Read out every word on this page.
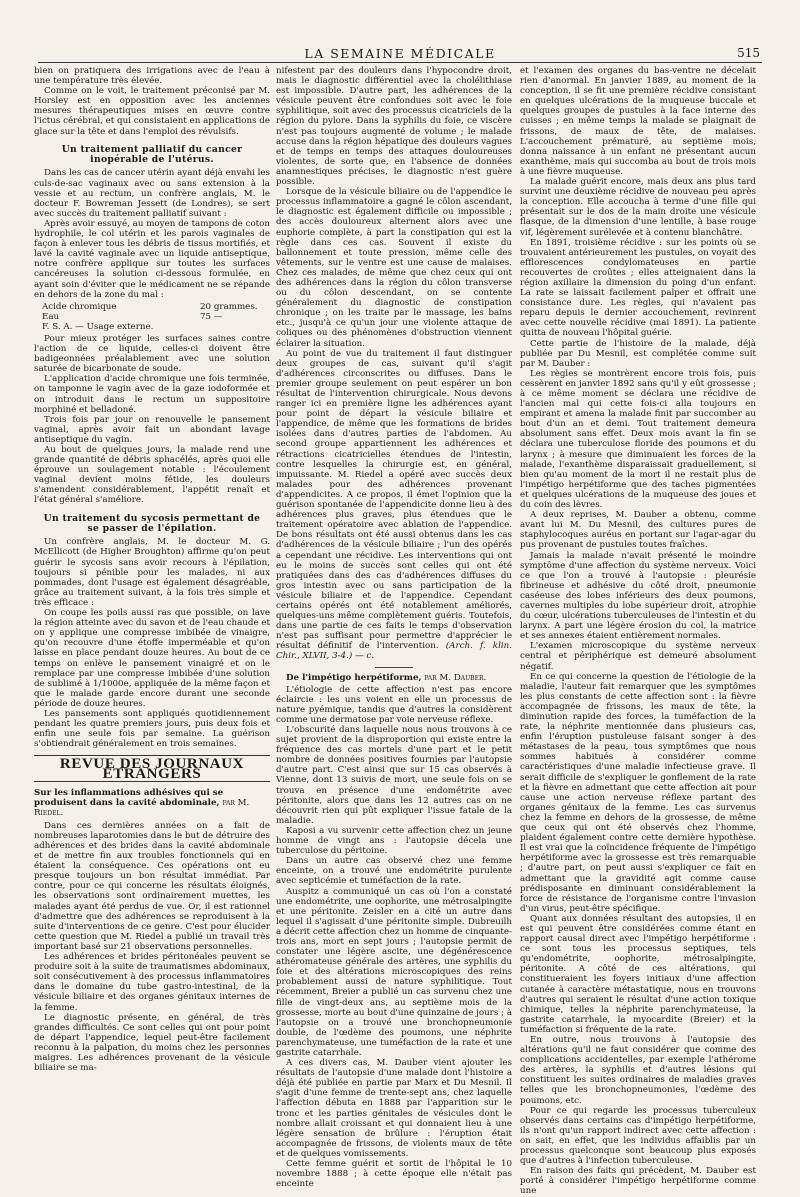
LA SEMAINE MÉDICALE	515

bien on pratiquera des irrigations avec de l'eau à une température très élevée.

Comme on le voit, le traitement préconisé par M. Horsley est en opposition avec les anciennes mesures thérapeutiques mises en œuvre contre l'ictus cérébral, et qui consistaient en applications de glace sur la tête et dans l'emploi des révulsifs.

Un traitement palliatif du cancer inopérable de l'utérus.

Dans les cas de cancer utérin ayant déjà envahi les culs-de-sac vaginaux avec ou sans extension à la vessie et au rectum, un confrère anglais, M. le docteur F. Bowreman Jessett (de Londres), se sert avec succès du traitement palliatif suivant :

Après avoir essuyé, au moyen de tampons de coton hydrophile, le col utérin et les parois vaginales de façon à enlever tous les débris de tissus mortifiés, et lavé la cavité vaginale avec un liquide antiseptique, notre confrère applique sur toutes les surfaces cancéreuses la solution ci-dessous formulée, en ayant soin d'éviter que le médicament ne se répande en dehors de la zone du mal :

Acide chromique	20 grammes.
Eau	75 —
F. S. A. — Usage externe.

Pour mieux protéger les surfaces saines contre l'action de ce liquide, celles-ci doivent être badigeonnées préalablement avec une solution saturée de bicarbonate de soude.

L'application d'acide chromique une fois terminée, on tamponne le vagin avec de la gaze iodoformée et on introduit dans le rectum un suppositoire morphiné et belladoné.

Trois fois par jour on renouvelle le pansement vaginal, après avoir fait un abondant lavage antiseptique du vagin.

Au bout de quelques jours, la malade rend une grande quantité de débris sphacélés, après quoi elle éprouve un soulagement notable : l'écoulement vaginal devient moins fétide, les douleurs s'amendent considérablement, l'appétit renaît et l'état général s'améliore.

Un traitement du sycosis permettant de se passer de l'épilation.

Un confrère anglais, M. le docteur M. G. McEllicott (de Higher Broughton) affirme qu'on peut guérir le sycosis sans avoir recours à l'épilation, toujours si pénible pour les malades, ni aux pommades, dont l'usage est également désagréable, grâce au traitement suivant, à la fois très simple et très efficace :

On coupe les poils aussi ras que possible, on lave la région atteinte avec du savon et de l'eau chaude et on y applique une compresse imbibée de vinaigre, qu'on recouvre d'une étoffe imperméable et qu'on laisse en place pendant douze heures. Au bout de ce temps on enlève le pansement vinaigré et on le remplace par une compresse imbibée d'une solution de sublimé à 1/1000e, appliquée de la même façon et que le malade garde encore durant une seconde période de douze heures.

Les pansements sont appliqués quotidiennement pendant les quatre premiers jours, puis deux fois et enfin une seule fois par semaine. La guérison s'obtiendrait généralement en trois semaines.

REVUE DES JOURNAUX ÉTRANGERS
Sur les inflammations adhésives qui se produisent dans la cavité abdominale, par M. Riedel.

Dans ces dernières années on a fait de nombreuses laparotomies dans le but de détruire des adhérences et des brides dans la cavité abdominale et de mettre fin aux troubles fonctionnels qui en étaient la conséquence. Ces opérations ont eu presque toujours un bon résultat immédiat. Par contre, pour ce qui concerne les résultats éloignés, les observations sont ordinairement muettes, les malades ayant été perdus de vue. Or, il est rationnel d'admettre que des adhérences se reproduisent à la suite d'interventions de ce genre. C'est pour élucider cette question que M. Riedel a publié un travail très important basé sur 21 observations personnelles.

Les adhérences et brides péritonéales peuvent se produire soit à la suite de traumatismes abdominaux, soit consécutivement à des processus inflammatoires dans le domaine du tube gastro-intestinal, de la vésicule biliaire et des organes génitaux internes de la femme.

Le diagnostic présente, en général, de très grandes difficultés. Ce sont celles qui ont pour point de départ l'appendice, lequel peut-être facilement reconnu à la palpation, du moins chez les personnes maigres. Les adhérences provenant de la vésicule biliaire se ma-

nifestent par des douleurs dans l'hypocondre droit, mais le diagnostic différentiel avec la cholélithiase est impossible. D'autre part, les adhérences de la vésicule peuvent être confondues soit avec le foie syphilitique, soit avec des processus cicatriciels de la région du pylore. Dans la syphilis du foie, ce viscère n'est pas toujours augmenté de volume ; le malade accuse dans la région hépatique des douleurs vagues et de temps en temps des attaques douloureuses violentes, de sorte que, en l'absence de données anamnestiques précises, le diagnostic n'est guère possible.

Lorsque de la vésicule biliaire ou de l'appendice le processus inflammatoire a gagné le côlon ascendant, le diagnostic est également difficile ou impossible ; des accès douloureux alternent alors avec une euphorie complète, à part la constipation qui est la règle dans ces cas. Souvent il existe du ballonnement et toute pression, même celle des vêtements, sur le ventre est une cause de malaises. Chez ces malades, de même que chez ceux qui ont des adhérences dans la région du côlon transverse ou du côlon descendant, on se contente généralement du diagnostic de constipation chronique ; on les traite par le massage, les bains etc., jusqu'à ce qu'un jour une violente attaque de coliques ou des phénomènes d'obstruction viennent éclairer la situation.

Au point de vue du traitement il faut distinguer deux groupes de cas, suivant qu'il s'agit d'adhérences circonscrites ou diffuses. Dans le premier groupe seulement on peut espérer un bon résultat de l'intervention chirurgicale. Nous devons ranger ici en première ligne les adhérences ayant pour point de départ la vésicule biliaire et l'appendice, de même que les formations de brides isolées dans d'autres parties de l'abdomen. Au second groupe appartiennent les adhérences et rétractions cicatricielles étendues de l'intestin, contre lesquelles la chirurgie est, en général, impuissante. M. Riedel a opéré avec succès deux malades pour des adhérences provenant d'appendicites. A ce propos, il émet l'opinion que la guérison spontanée de l'appendicite donne lieu à des adhérences plus graves, plus étendues que le traitement opératoire avec ablation de l'appendice. De bons résultats ont été aussi obtenus dans les cas d'adhérences de la vésicule biliaire ; l'un des opérés a cependant une récidive. Les interventions qui ont eu le moins de succès sont celles qui ont été pratiquées dans des cas d'adhérences diffuses du gros intestin avec ou sans participation de la vésicule biliaire et de l'appendice. Cependant certains opérés ont été notablement améliorés, quelques-uns même complètement guéris. Toutefois, dans une partie de ces faits le temps d'observation n'est pas suffisant pour permettre d'apprécier le résultat définitif de l'intervention. (Arch. f. klin. Chir., XLVII, 3-4.) — c.

De l'impétigo herpétiforme, par M. Dauber.

L'étiologie de cette affection n'est pas encore éclaircie : les uns voient en elle un processus de nature pyémique, tandis que d'autres la considèrent comme une dermatose par voie nerveuse réflexe.

L'obscurité dans laquelle nous nous trouvons à ce sujet provient de la disproportion qui existe entre la fréquence des cas mortels d'une part et le petit nombre de données positives fournies par l'autopsie d'autre part. C'est ainsi que sur 15 cas observés à Vienne, dont 13 suivis de mort, une seule fois on se trouva en présence d'une endométrite avec péritonite, alors que dans les 12 autres cas on ne découvrit rien qui pût expliquer l'issue fatale de la maladie.

Kaposi a vu survenir cette affection chez un jeune homme de vingt ans : l'autopsie décela une tuberculose du péritoine.

Dans un autre cas observé chez une femme enceinte, on a trouvé une endométrite purulente avec septicémie et tuméfaction de la rate.

Auspitz a communiqué un cas où l'on a constaté une endométrite, une oophorite, une métrosalpingite et une péritonite. Zeisler en a cité un autre dans lequel il s'agissait d'une péritonite simple. Dubreuilh a décrit cette affection chez un homme de cinquante-trois ans, mort en sept jours ; l'autopsie permit de constater une légère ascite, une dégénérescence athéromateuse générale des artères, une syphilis du foie et des altérations microscopiques des reins probablement aussi de nature syphilitique. Tout récemment, Breier a publié un cas survenu chez une fille de vingt-deux ans, au septième mois de la grossesse, morte au bout d'une quinzaine de jours ; à l'autopsie on a trouvé une bronchopneumonie double, de l'œdème des poumons, une néphrite parenchymateuse, une tuméfaction de la rate et une gastrite catarrhale.

A ces divers cas, M. Dauber vient ajouter les résultats de l'autopsie d'une malade dont l'histoire a déjà été publiée en partie par Marx et Du Mesnil. Il s'agit d'une femme de trente-sept ans, chez laquelle l'affection débuta en 1888 par l'apparition sur le tronc et les parties génitales de vésicules dont le nombre allait croissant et qui donnaient lieu à une légère sensation de brûlure : l'éruption était accompagnée de frissons, de violents maux de tête et de quelques vomissements.

Cette femme guérit et sortit de l'hôpital le 10 novembre 1888 ; à cette époque elle n'était pas enceinte

et l'examen des organes du bas-ventre ne décelait rien d'anormal. En janvier 1889, au moment de la conception, il se fit une première récidive consistant en quelques ulcérations de la muqueuse buccale et quelques groupes de pustules à la face interne des cuisses ; en même temps la malade se plaignait de frissons, de maux de tête, de malaises. L'accouchement prématuré, au septième mois, donna naissance à un enfant ne présentant aucun exanthème, mais qui succomba au bout de trois mois à une fièvre muqueuse.

La malade guérit encore, mais deux ans plus tard survint une deuxième récidive de nouveau peu après la conception. Elle accoucha à terme d'une fille qui présentait sur le dos de la main droite une vésicule flasque, de la dimension d'une lentille, à base rouge vif, légèrement surélevée et à contenu blanchâtre.

En 1891, troisième récidive : sur les points où se trouvaient antérieurement les pustules, on voyait des efflorescences condylomateuses en partie recouvertes de croûtes ; elles atteignaient dans la région axillaire la dimension du poing d'un enfant. La rate se laissait facilement palper et offrait une consistance dure. Les règles, qui n'avaient pas reparu depuis le dernier accouchement, revinrent avec cette nouvelle récidive (mai 1891). La patiente quitta de nouveau l'hôpital guérie.

Cette partie de l'histoire de la malade, déjà publiée par Du Mesnil, est complétée comme suit par M. Dauber :

Les règles se montrèrent encore trois fois, puis cessèrent en janvier 1892 sans qu'il y eût grossesse ; à ce même moment se déclara une récidive de l'ancien mal qui cette fois-ci alla toujours en empirant et amena la malade finit par succomber au bout d'un an et demi. Tout traitement demeura absolument sans effet. Deux mois avant la fin se déclara une tuberculose floride des poumons et du larynx ; à mesure que diminuaient les forces de la malade, l'exanthème disparaissait graduellement, si bien qu'au moment de la mort il ne restait plus de l'impétigo herpétiforme que des taches pigmentées et quelques ulcérations de la muqueuse des joues et du coin des lèvres.

A deux reprises, M. Dauber a obtenu, comme avant lui M. Du Mesnil, des cultures pures de staphylocoques auréus en portant sur l'agar-agar du pus provenant de pustules toutes fraîches.

Jamais la malade n'avait présenté le moindre symptôme d'une affection du système nerveux. Voici ce que l'on a trouvé à l'autopsie : pleurésie fibrineuse et adhésive du côté droit, pneumonie caséeuse des lobes inférieurs des deux poumons, cavernes multiples du lobe supérieur droit, atrophie du cœur, ulcérations tuberculeuses de l'intestin et du larynx. A part une légère érosion du col, la matrice et ses annexes étaient entièrement normales.

L'examen microscopique du système nerveux central et périphérique est demeuré absolument négatif.

En ce qui concerne la question de l'étiologie de la maladie, l'auteur fait remarquer que les symptômes les plus constants de cette affection sont : la fièvre accompagnée de frissons, les maux de tête, la diminution rapide des forces, la tuméfaction de la rate, la néphrite mentionnée dans plusieurs cas, enfin l'éruption pustuleuse faisant songer à des métastases de la peau, tous symptômes que nous sommes habitués à considérer comme caractéristiques d'une maladie infectieuse grave. Il serait difficile de s'expliquer le gonflement de la rate et la fièvre en admettant que cette affection ait pour cause une action nerveuse réflexe partant des organes génitaux de la femme. Les cas survenus chez la femme en dehors de la grossesse, de même que ceux qui ont été observés chez l'homme, plaident également contre cette dernière hypothèse. Il est vrai que la coïncidence fréquente de l'impétigo herpétiforme avec la grossesse est très remarquable ; d'autre part, on peut aussi s'expliquer ce fait en admettant que la gravidité agit comme cause prédisposante en diminuant considérablement la force de résistance de l'organisme contre l'invasion d'un virus, peut-être spécifique.

Quant aux données résultant des autopsies, il en est qui peuvent être considérées comme étant en rapport causal direct avec l'impétigo herpétiforme : ce sont tous les processus septiques, tels qu'endométrite, oophorite, métrosalpingite, péritonite. A côté de ces altérations, qui constitueraient les foyers initiaux d'une affection cutanée à caractère métastatique, nous en trouvons d'autres qui seraient le résultat d'une action toxique chimique, telles la néphrite parenchymateuse, la gastrite catarrhale, la myocardite (Breier) et la tuméfaction si fréquente de la rate.

En outre, nous trouvons à l'autopsie des altérations qu'il ne faut considérer que comme des complications accidentelles, par exemple l'athérome des artères, la syphilis et d'autres lésions qui constituent les suites ordinaires de maladies graves telles que les bronchopneumonies, l'œdème des poumons, etc.

Pour ce qui regarde les processus tuberculeux observés dans certains cas d'impétigo herpétiforme, ils n'ont qu'un rapport indirect avec cette affection : on sait, en effet, que les individus affaiblis par un processus quelconque sont beaucoup plus exposés que d'autres à l'infection tuberculeuse.

En raison des faits qui précèdent, M. Dauber est porté à considérer l'impétigo herpétiforme comme une
